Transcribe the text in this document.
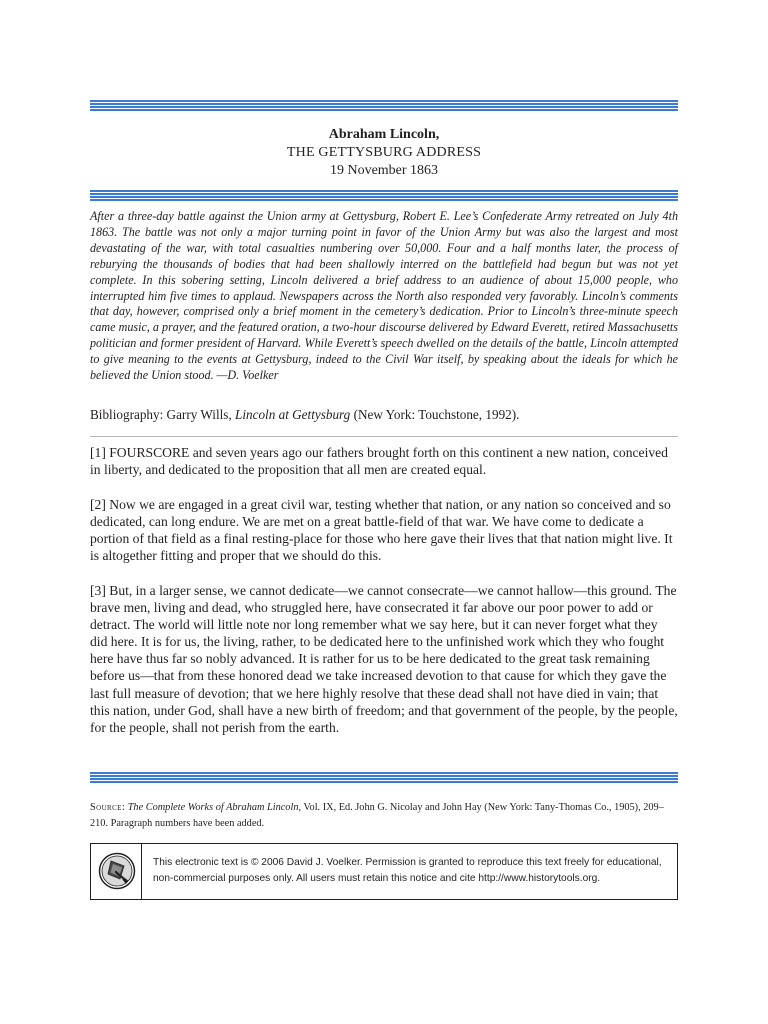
Abraham Lincoln,
THE GETTYSBURG ADDRESS
19 November 1863
After a three-day battle against the Union army at Gettysburg, Robert E. Lee’s Confederate Army retreated on July 4th 1863. The battle was not only a major turning point in favor of the Union Army but was also the largest and most devastating of the war, with total casualties numbering over 50,000. Four and a half months later, the process of reburying the thousands of bodies that had been shallowly interred on the battlefield had begun but was not yet complete. In this sobering setting, Lincoln delivered a brief address to an audience of about 15,000 people, who interrupted him five times to applaud. Newspapers across the North also responded very favorably. Lincoln’s comments that day, however, comprised only a brief moment in the cemetery’s dedication. Prior to Lincoln’s three-minute speech came music, a prayer, and the featured oration, a two-hour discourse delivered by Edward Everett, retired Massachusetts politician and former president of Harvard. While Everett’s speech dwelled on the details of the battle, Lincoln attempted to give meaning to the events at Gettysburg, indeed to the Civil War itself, by speaking about the ideals for which he believed the Union stood. —D. Voelker
Bibliography: Garry Wills, Lincoln at Gettysburg (New York: Touchstone, 1992).
[1] FOURSCORE and seven years ago our fathers brought forth on this continent a new nation, conceived in liberty, and dedicated to the proposition that all men are created equal.
[2] Now we are engaged in a great civil war, testing whether that nation, or any nation so conceived and so dedicated, can long endure. We are met on a great battle-field of that war. We have come to dedicate a portion of that field as a final resting-place for those who here gave their lives that that nation might live. It is altogether fitting and proper that we should do this.
[3] But, in a larger sense, we cannot dedicate—we cannot consecrate—we cannot hallow—this ground. The brave men, living and dead, who struggled here, have consecrated it far above our poor power to add or detract. The world will little note nor long remember what we say here, but it can never forget what they did here. It is for us, the living, rather, to be dedicated here to the unfinished work which they who fought here have thus far so nobly advanced. It is rather for us to be here dedicated to the great task remaining before us—that from these honored dead we take increased devotion to that cause for which they gave the last full measure of devotion; that we here highly resolve that these dead shall not have died in vain; that this nation, under God, shall have a new birth of freedom; and that government of the people, by the people, for the people, shall not perish from the earth.
Source: The Complete Works of Abraham Lincoln, Vol. IX, Ed. John G. Nicolay and John Hay (New York: Tany-Thomas Co., 1905), 209–210. Paragraph numbers have been added.
This electronic text is © 2006 David J. Voelker. Permission is granted to reproduce this text freely for educational, non-commercial purposes only. All users must retain this notice and cite http://www.historytools.org.
